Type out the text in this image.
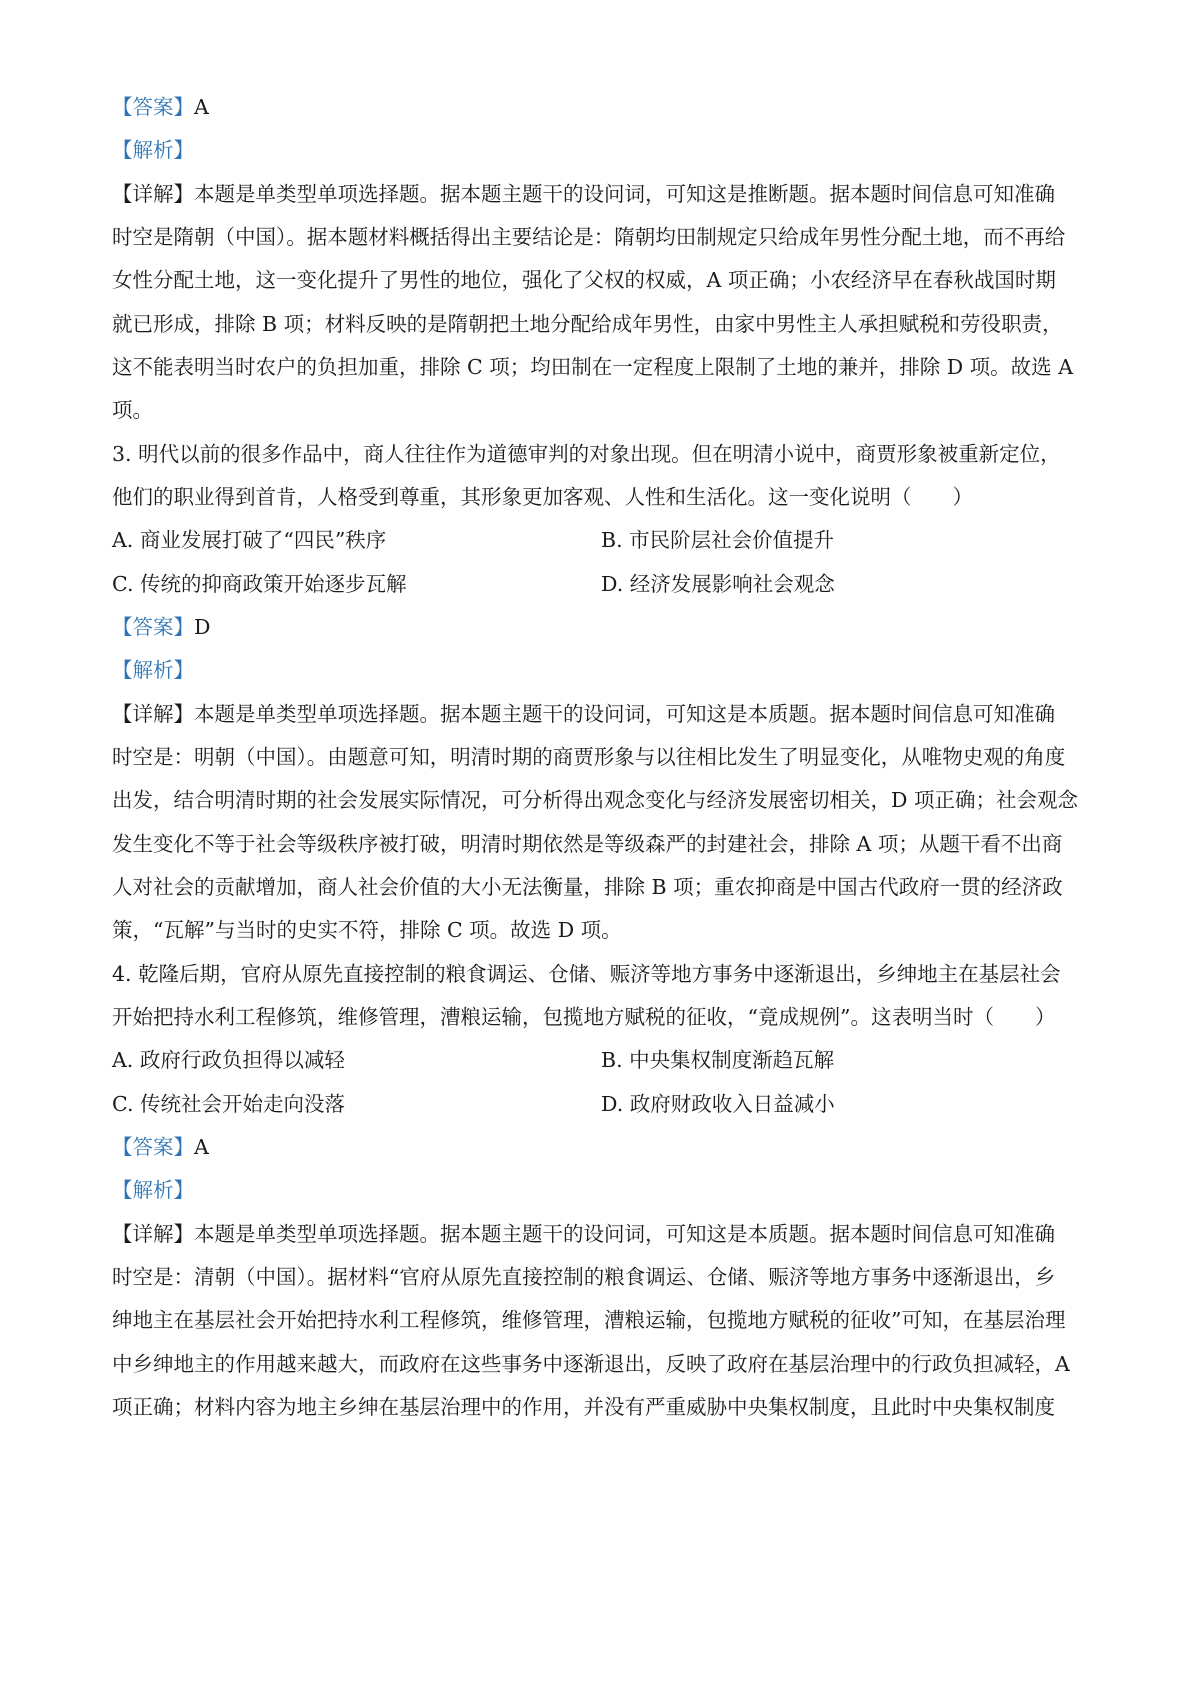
【答案】A
【解析】
【详解】本题是单类型单项选择题。据本题主题干的设问词，可知这是推断题。据本题时间信息可知准确
时空是隋朝（中国）。据本题材料概括得出主要结论是：隋朝均田制规定只给成年男性分配土地，而不再给
女性分配土地，这一变化提升了男性的地位，强化了父权的权威，A 项正确；小农经济早在春秋战国时期
就已形成，排除 B 项；材料反映的是隋朝把土地分配给成年男性，由家中男性主人承担赋税和劳役职责，
这不能表明当时农户的负担加重，排除 C 项；均田制在一定程度上限制了土地的兼并，排除 D 项。故选 A
项。
3. 明代以前的很多作品中，商人往往作为道德审判的对象出现。但在明清小说中，商贾形象被重新定位，
他们的职业得到首肯，人格受到尊重，其形象更加客观、人性和生活化。这一变化说明（　　）
A. 商业发展打破了“四民”秩序	B. 市民阶层社会价值提升
C. 传统的抑商政策开始逐步瓦解	D. 经济发展影响社会观念
【答案】D
【解析】
【详解】本题是单类型单项选择题。据本题主题干的设问词，可知这是本质题。据本题时间信息可知准确
时空是：明朝（中国）。由题意可知，明清时期的商贾形象与以往相比发生了明显变化，从唯物史观的角度
出发，结合明清时期的社会发展实际情况，可分析得出观念变化与经济发展密切相关，D 项正确；社会观念
发生变化不等于社会等级秩序被打破，明清时期依然是等级森严的封建社会，排除 A 项；从题干看不出商
人对社会的贡献增加，商人社会价值的大小无法衡量，排除 B 项；重农抑商是中国古代政府一贯的经济政
策，“瓦解”与当时的史实不符，排除 C 项。故选 D 项。
4. 乾隆后期，官府从原先直接控制的粮食调运、仓储、赈济等地方事务中逐渐退出，乡绅地主在基层社会
开始把持水利工程修筑，维修管理，漕粮运输，包揽地方赋税的征收，“竟成规例”。这表明当时（　　）
A. 政府行政负担得以减轻	B. 中央集权制度渐趋瓦解
C. 传统社会开始走向没落	D. 政府财政收入日益减小
【答案】A
【解析】
【详解】本题是单类型单项选择题。据本题主题干的设问词，可知这是本质题。据本题时间信息可知准确
时空是：清朝（中国）。据材料“官府从原先直接控制的粮食调运、仓储、赈济等地方事务中逐渐退出，乡
绅地主在基层社会开始把持水利工程修筑，维修管理，漕粮运输，包揽地方赋税的征收”可知，在基层治理
中乡绅地主的作用越来越大，而政府在这些事务中逐渐退出，反映了政府在基层治理中的行政负担减轻，A
项正确；材料内容为地主乡绅在基层治理中的作用，并没有严重威胁中央集权制度，且此时中央集权制度
